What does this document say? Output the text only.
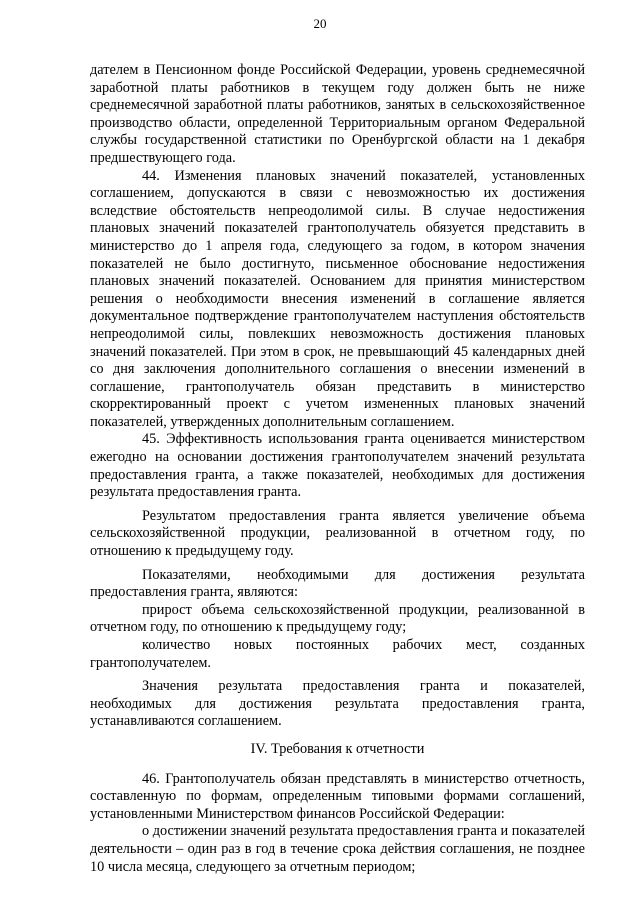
20

дателем в Пенсионном фонде Российской Федерации, уровень среднемесячной заработной платы работников в текущем году должен быть не ниже среднемесячной заработной платы работников, занятых в сельскохозяйственное производство области, определенной Территориальным органом Федеральной службы государственной статистики по Оренбургской области на 1 декабря предшествующего года.

44. Изменения плановых значений показателей, установленных соглашением, допускаются в связи с невозможностью их достижения вследствие обстоятельств непреодолимой силы. В случае недостижения плановых значений показателей грантополучатель обязуется представить в министерство до 1 апреля года, следующего за годом, в котором значения показателей не было достигнуто, письменное обоснование недостижения плановых значений показателей. Основанием для принятия министерством решения о необходимости внесения изменений в соглашение является документальное подтверждение грантополучателем наступления обстоятельств непреодолимой силы, повлекших невозможность достижения плановых значений показателей. При этом в срок, не превышающий 45 календарных дней со дня заключения дополнительного соглашения о внесении изменений в соглашение, грантополучатель обязан представить в министерство скорректированный проект с учетом измененных плановых значений показателей, утвержденных дополнительным соглашением.

45. Эффективность использования гранта оценивается министерством ежегодно на основании достижения грантополучателем значений результата предоставления гранта, а также показателей, необходимых для достижения результата предоставления гранта.

Результатом предоставления гранта является увеличение объема сельскохозяйственной продукции, реализованной в отчетном году, по отношению к предыдущему году.

Показателями, необходимыми для достижения результата предоставления гранта, являются:

прирост объема сельскохозяйственной продукции, реализованной в отчетном году, по отношению к предыдущему году;

количество новых постоянных рабочих мест, созданных грантополучателем.

Значения результата предоставления гранта и показателей, необходимых для достижения результата предоставления гранта, устанавливаются соглашением.

IV. Требования к отчетности

46. Грантополучатель обязан представлять в министерство отчетность, составленную по формам, определенным типовыми формами соглашений, установленными Министерством финансов Российской Федерации:

о достижении значений результата предоставления гранта и показателей деятельности – один раз в год в течение срока действия соглашения, не позднее 10 числа месяца, следующего за отчетным периодом;
